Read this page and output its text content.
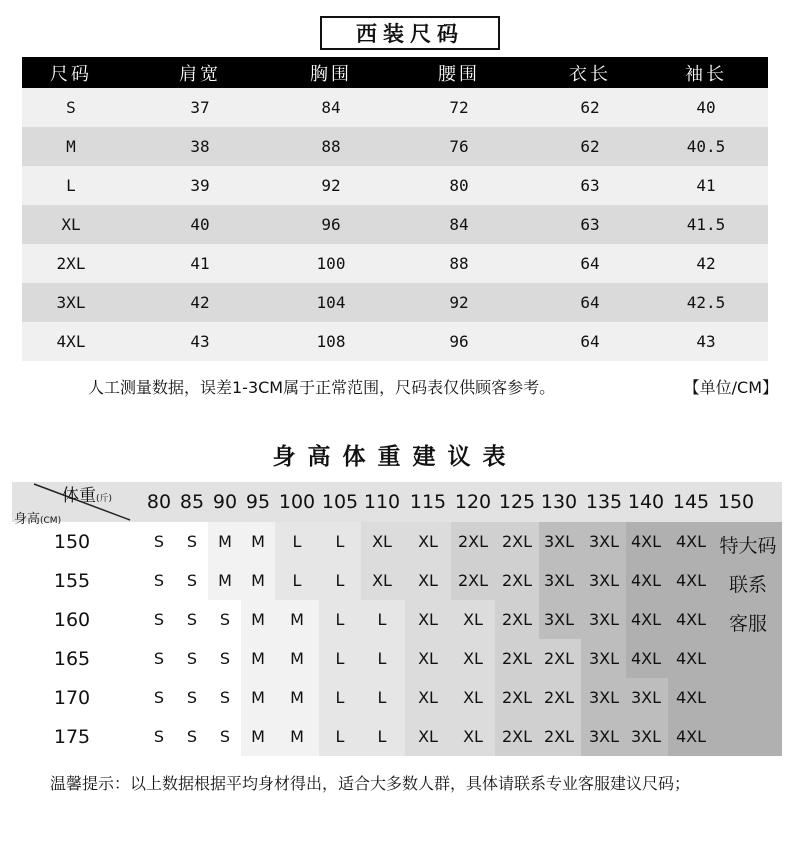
西装尺码
尺码	肩宽	胸围	腰围	衣长	袖长
S	37	84	72	62	40
M	38	88	76	62	40.5
L	39	92	80	63	41
XL	40	96	84	63	41.5
2XL	41	100	88	64	42
3XL	42	104	92	64	42.5
4XL	43	108	96	64	43
人工测量数据，误差1-3CM属于正常范围，尺码表仅供顾客参考。	【单位/CM】
身高体重建议表
体重(斤)
身高(CM)
80 85 90 95 100 105 110 115 120 125 130 135 140 145 150
150	S	S	M	M	L	L	XL	XL	2XL 2XL 3XL 3XL 4XL 4XL
155	S	S	M	M	L	L	XL	XL	2XL 2XL 3XL 3XL 4XL 4XL
160	S	S	S	M	M	L	L	XL	XL	2XL 3XL 3XL 4XL 4XL
165	S	S	S	M	M	L	L	XL	XL	2XL 2XL 3XL 4XL 4XL
170	S	S	S	M	M	L	L	XL	XL	2XL 2XL 3XL 3XL 4XL
175	S	S	S	M	M	L	L	XL	XL	2XL 2XL 3XL 3XL 4XL
特大码
联系
客服
温馨提示：以上数据根据平均身材得出，适合大多数人群，具体请联系专业客服建议尺码；
